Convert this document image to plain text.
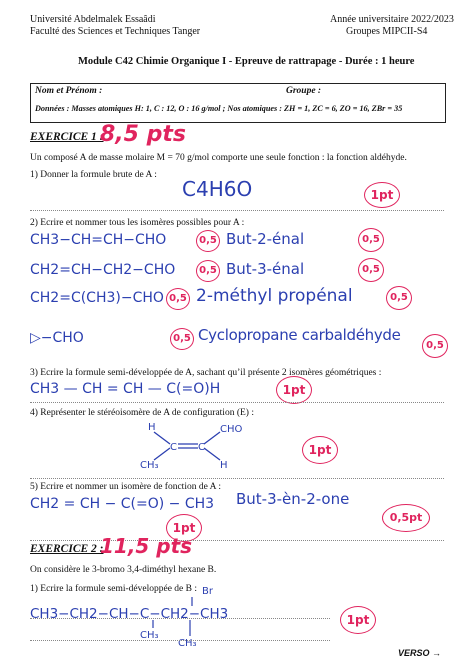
Université Abdelmalek Essaâdi
Faculté des Sciences et Techniques Tanger
Année universitaire 2022/2023
Groupes MIPCII-S4
Module C42 Chimie Organique I - Epreuve de rattrapage - Durée : 1 heure
Nom et Prénom :	Groupe :
Données : Masses atomiques H: 1, C : 12, O : 16 g/mol ; Nos atomiques : ZH = 1, ZC = 6, ZO = 16, ZBr = 35
EXERCICE 1 :
8,5 pts
Un composé A de masse molaire M = 70 g/mol comporte une seule fonction : la fonction aldéhyde.
1) Donner la formule brute de A :
C4H6O	1pt
2) Ecrire et nommer tous les isomères possibles pour A :
CH3−CH=CH−CHO	0,5 But-2-énal	0,5
CH2=CH−CH2−CHO	0,5 But-3-énal	0,5
CH2=C(CH3)−CHO 0,5 2-méthyl propénal	0,5
▷−CHO	0,5 Cyclopropane carbaldéhyde
0,5
3) Ecrire la formule semi-développée de A, sachant qu’il présente 2 isomères géométriques :
CH3 — CH = CH — C(=O)H	1pt
4) Représenter le stéréoisomère de A de configuration (E) :
H
CH₃
C C
CHO
H
1pt
5) Ecrire et nommer un isomère de fonction de A :
CH2 = CH − C(=O) − CH3 But-3-èn-2-one
1pt
0,5pt
EXERCICE 2 :
11,5 pts
On considère le 3-bromo 3,4-diméthyl hexane B.
1) Ecrire la formule semi-développée de B :
CH3−CH2−CH−C−CH2−CH3
Br
CH₃
CH₃
1pt
VERSO →
